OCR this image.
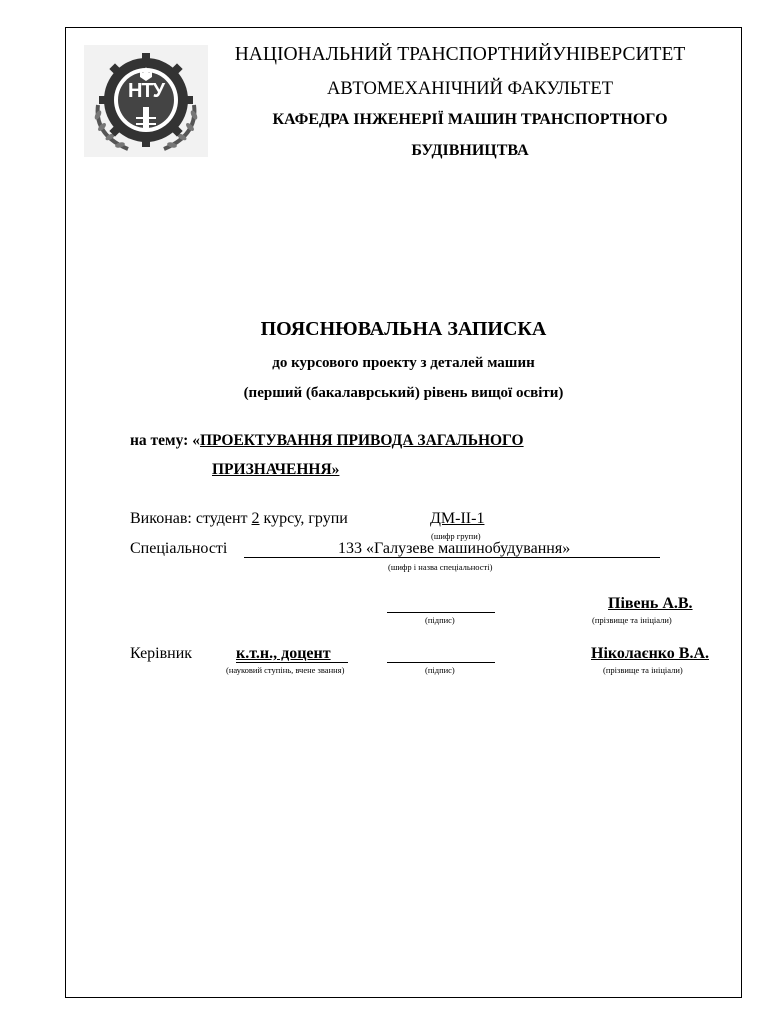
НТУ
НАЦІОНАЛЬНИЙ ТРАНСПОРТНИЙУНІВЕРСИТЕТ
АВТОМЕХАНІЧНИЙ ФАКУЛЬТЕТ
КАФЕДРА ІНЖЕНЕРІЇ МАШИН ТРАНСПОРТНОГО
БУДІВНИЦТВА
ПОЯСНЮВАЛЬНА ЗАПИСКА
до курсового проекту з деталей машин
(перший (бакалаврський) рівень вищої освіти)
на тему: «ПРОЕКТУВАННЯ ПРИВОДА ЗАГАЛЬНОГО
ПРИЗНАЧЕННЯ»
Виконав: студент 2 курсу, групи	ДМ-ІІ-1
(шифр групи)
Спеціальності	133 «Галузеве машинобудування»
(шифр і назва спеціальності)
(підпис)
Півень А.В.
(прізвище та ініціали)
Керівник	к.т.н., доцент
(науковий ступінь, вчене звання)	(підпис)
Ніколаєнко В.А.
(прізвище та ініціали)
